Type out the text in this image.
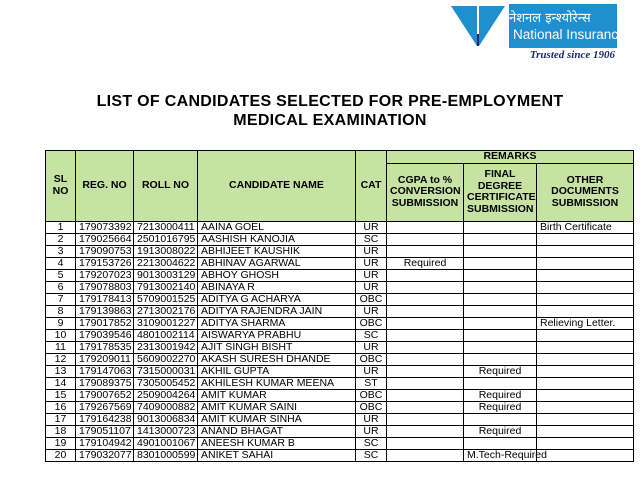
नेशनल इन्श्योरेन्स
National Insurance
Trusted since 1906
LIST OF CANDIDATES SELECTED FOR PRE-EMPLOYMENT
MEDICAL EXAMINATION
SL NO	REG. NO	ROLL NO	CANDIDATE NAME	CAT	REMARKS		
					CGPA to % CONVERSION SUBMISSION	FINAL DEGREE CERTIFICATE SUBMISSION	OTHER DOCUMENTS SUBMISSION
1	179073392	7213000411	AAINA GOEL	UR			Birth Certificate
2	179025664	2501016795	AASHISH KANOJIA	SC			
3	179090753	1913008022	ABHIJEET KAUSHIK	UR			
4	179153726	2213004622	ABHINAV AGARWAL	UR	Required		
5	179207023	9013003129	ABHOY GHOSH	UR			
6	179078803	7913002140	ABINAYA R	UR			
7	179178413	5709001525	ADITYA G ACHARYA	OBC			
8	179139863	2713002176	ADITYA RAJENDRA JAIN	UR			
9	179017852	3109001227	ADITYA SHARMA	OBC			Relieving Letter.
10	179039546	4801002114	AISWARYA PRABHU	SC			
11	179178535	2313001942	AJIT SINGH BISHT	UR			
12	179209011	5609002270	AKASH SURESH DHANDE	OBC			
13	179147063	7315000031	AKHIL GUPTA	UR		Required	
14	179089375	7305005452	AKHILESH KUMAR MEENA	ST			
15	179007652	2509004264	AMIT KUMAR	OBC		Required	
16	179267569	7409000882	AMIT KUMAR SAINI	OBC		Required	
17	179164238	9013006834	AMIT KUMAR SINHA	UR			
18	179051107	1413000723	ANAND BHAGAT	UR		Required	
19	179104942	4901001067	ANEESH KUMAR B	SC			
20	179032077	8301000599	ANIKET SAHAI	SC		M.Tech-Required	
